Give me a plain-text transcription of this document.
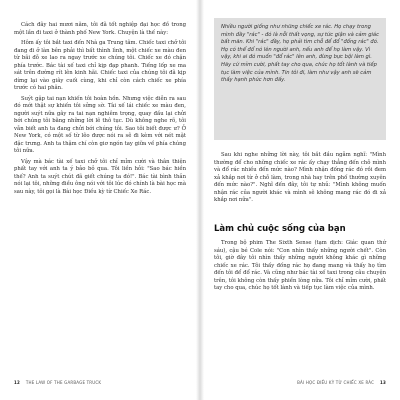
Cách đây hai mươi năm, tôi đã tốt nghiệp đại học đồ trong một lần đi taxi ở thành phố New York. Chuyện là thế này:

Hôm ấy tôi bắt taxi đến Nhà ga Trung tâm. Chiếc taxi chở tôi đang đi ở làn bên phải thì bất thình lình, một chiếc xe màu đen từ bãi đỗ xe lao ra ngay trước xe chúng tôi. Chiếc xe đó chặn phía trước. Bác tài xế taxi chỉ kịp đạp phanh. Tiếng lốp xe ma sát trên đường rít lên kinh hãi. Chiếc taxi của chúng tôi đã kịp dừng lại vào giây cuối cùng, khi chỉ còn cách chiếc xe phía trước có hai phân.

Suýt gặp tai nạn khiến tôi hoàn hồn. Nhưng việc diễn ra sau đó mới thật sự khiến tôi sửng sờ. Tài xế lái chiếc xe màu đen, người suýt nữa gây ra tai nạn nghiêm trọng, quay đầu lại chửi bới chúng tôi bằng những lời lẽ thô tục. Dù không nghe rõ, tôi vẫn biết anh ta đang chửi bới chúng tôi. Sao tôi biết được ư? Ở New York, có một số từ lẽo được nói ra sẽ đi kèm với nét mặt đặc trưng. Anh ta thậm chí còn giơ ngón tay giữa về phía chúng tôi nữa.

Vậy mà bác tài xế taxi chở tôi chỉ mỉm cười và thân thiện phất tay với anh ta ý bảo bỏ qua. Tôi liền hỏi: "Sao bác hiền thế? Anh ta suýt chút đã giết chúng ta đó!". Bác tài bình thản nói lại tôi, những điều ông nói với tôi lúc đó chính là bài học mà sau này, tôi gọi là Bài học Điều kỳ từ Chiếc Xe Rác.

12 THE LAW OF THE GARBAGE TRUCK
Nhiều người giống như những chiếc xe rác. Họ chạy trong mình đầy "rác" - đó là nỗi thất vọng, sự tức giận và cảm giác bất mãn. Khi "rác" đầy, họ phải tìm chỗ để đổ "đống rác" đó. Họ có thể đổ nó lên người anh, nếu anh để họ làm vậy. Vì vậy, khi ai đó muốn "đổ rác" lên anh, đừng bực bội làm gì. Hãy cứ mỉm cười, phất tay cho qua, chúc họ tốt lành và tiếp tục làm việc của mình. Tin tôi đi, làm như vậy anh sẽ cảm thấy hạnh phúc hơn đấy.

Sau khi nghe những lời này, tôi bắt đầu ngẫm nghĩ: "Mình thường để cho những chiếc xe rác ấy chạy thẳng đến chỗ mình và đổ rác nhiều đến mức nào? Mình nhận đống rác đó rồi đem xả khắp nơi từ ở chỗ làm, trong nhà hay trên phố thường xuyên đến mức nào?". Nghĩ đến đây, tôi tự nhủ: "Mình không muốn nhận rác của người khác và mình sẽ không mang rác đó đi xả khắp nơi nữa".

Làm chủ cuộc sống của bạn

Trong bộ phim The Sixth Sense (tạm dịch: Giác quan thứ sáu), cậu bé Cole nói: "Con nhìn thấy những người chết". Còn tôi, giờ đây tôi nhìn thấy những người không khác gì những chiếc xe rác. Tôi thấy đống rác họ đang mang và thấy họ tìm đến tôi để đổ rác. Và cũng như bác tài xế taxi trong câu chuyện trên, tôi không còn thấy phiền lòng nữa. Tôi chỉ mỉm cười, phất tay cho qua, chúc họ tốt lành và tiếp tục làm việc của mình.

BÀI HỌC ĐIỀU KỲ TỪ CHIẾC XE RÁC 13
